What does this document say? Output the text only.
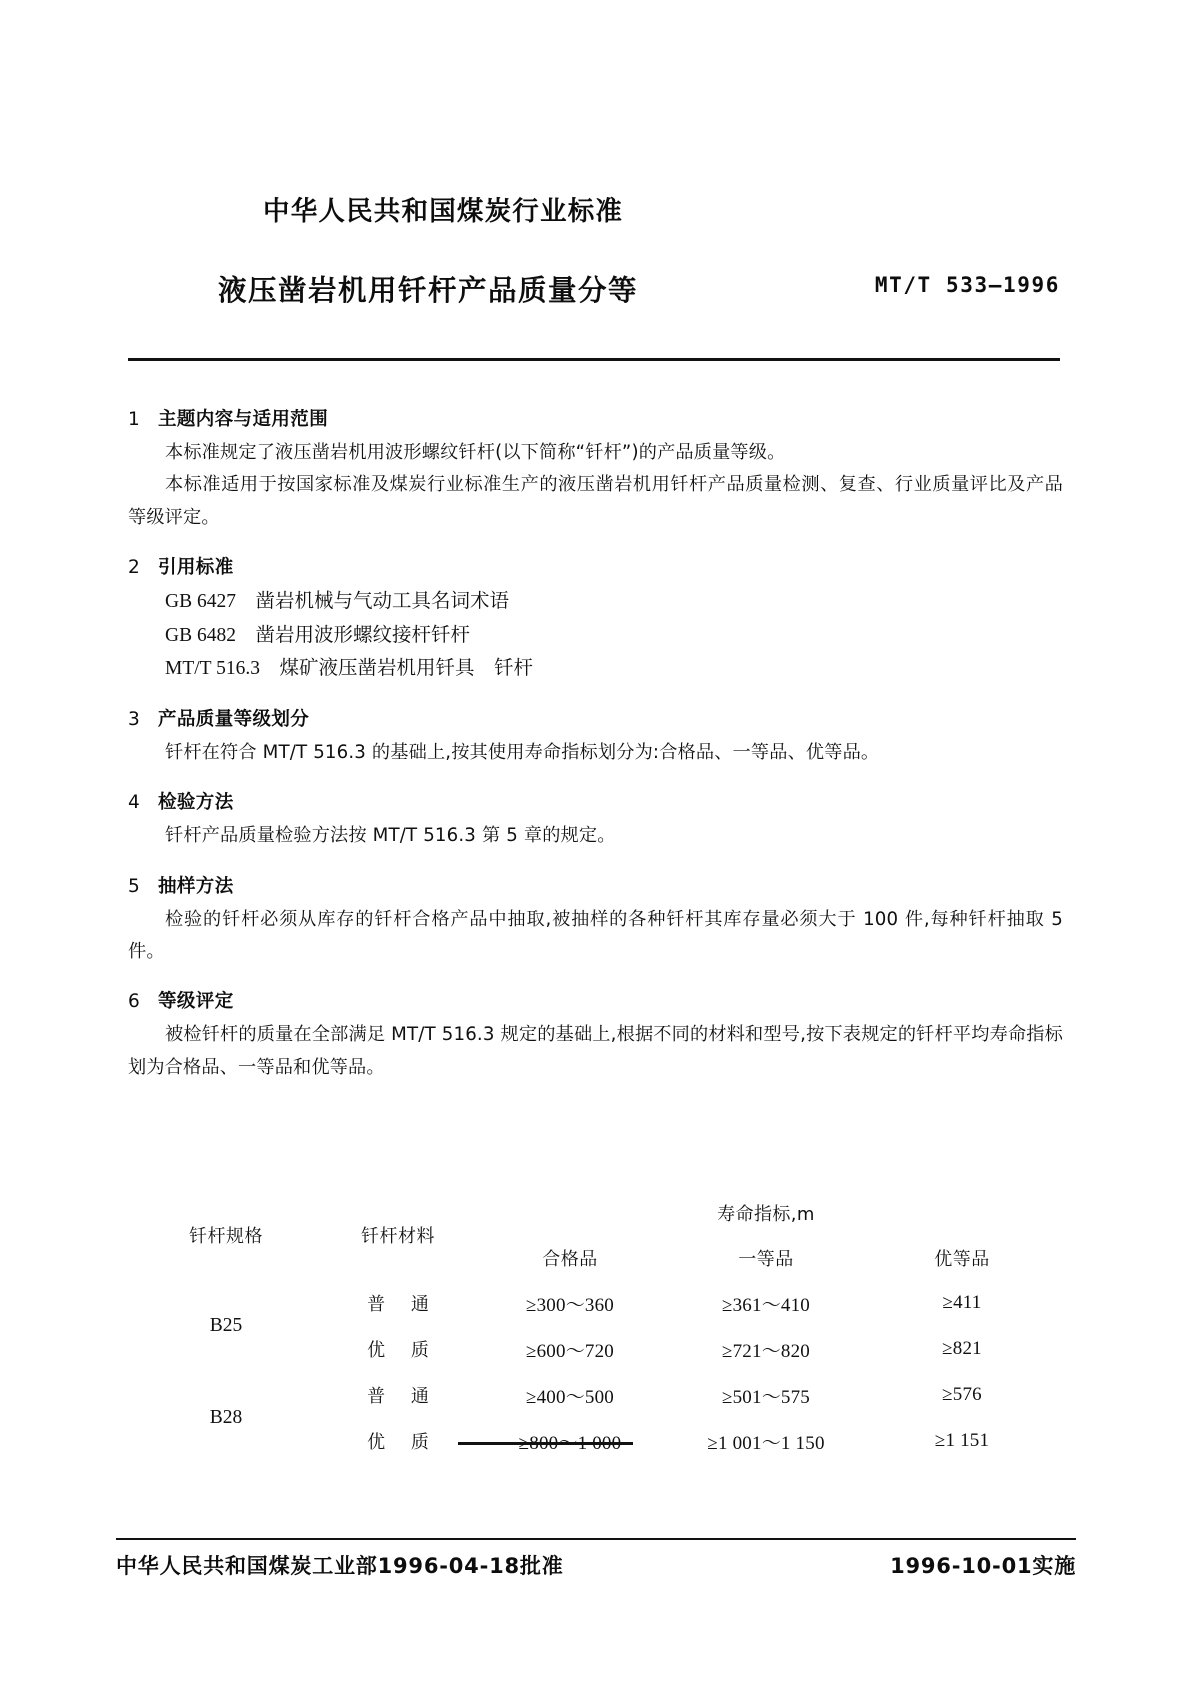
中华人民共和国煤炭行业标准
液压凿岩机用钎杆产品质量分等	MT/T 533—1996
1 主题内容与适用范围

本标准规定了液压凿岩机用波形螺纹钎杆(以下简称“钎杆”)的产品质量等级。

本标准适用于按国家标准及煤炭行业标准生产的液压凿岩机用钎杆产品质量检测、复查、行业质量评比及产品等级评定。

2 引用标准
GB 6427    凿岩机械与气动工具名词术语
GB 6482    凿岩用波形螺纹接杆钎杆
MT/T 516.3    煤矿液压凿岩机用钎具    钎杆
3 产品质量等级划分

钎杆在符合 MT/T 516.3 的基础上,按其使用寿命指标划分为:合格品、一等品、优等品。

4 检验方法

钎杆产品质量检验方法按 MT/T 516.3 第 5 章的规定。

5 抽样方法

检验的钎杆必须从库存的钎杆合格产品中抽取,被抽样的各种钎杆其库存量必须大于 100 件,每种钎杆抽取 5 件。

6 等级评定

被检钎杆的质量在全部满足 MT/T 516.3 规定的基础上,根据不同的材料和型号,按下表规定的钎杆平均寿命指标划为合格品、一等品和优等品。

钎杆规格	钎杆材料	寿命指标,m		
		合格品	一等品	优等品
B25	普 通	≥300～360	≥361～410	≥411
	优 质	≥600～720	≥721～820	≥821
B28	普 通	≥400～500	≥501～575	≥576
	优 质	≥800～1 000	≥1 001～1 150	≥1 151
中华人民共和国煤炭工业部1996-04-18批准	1996-10-01实施
